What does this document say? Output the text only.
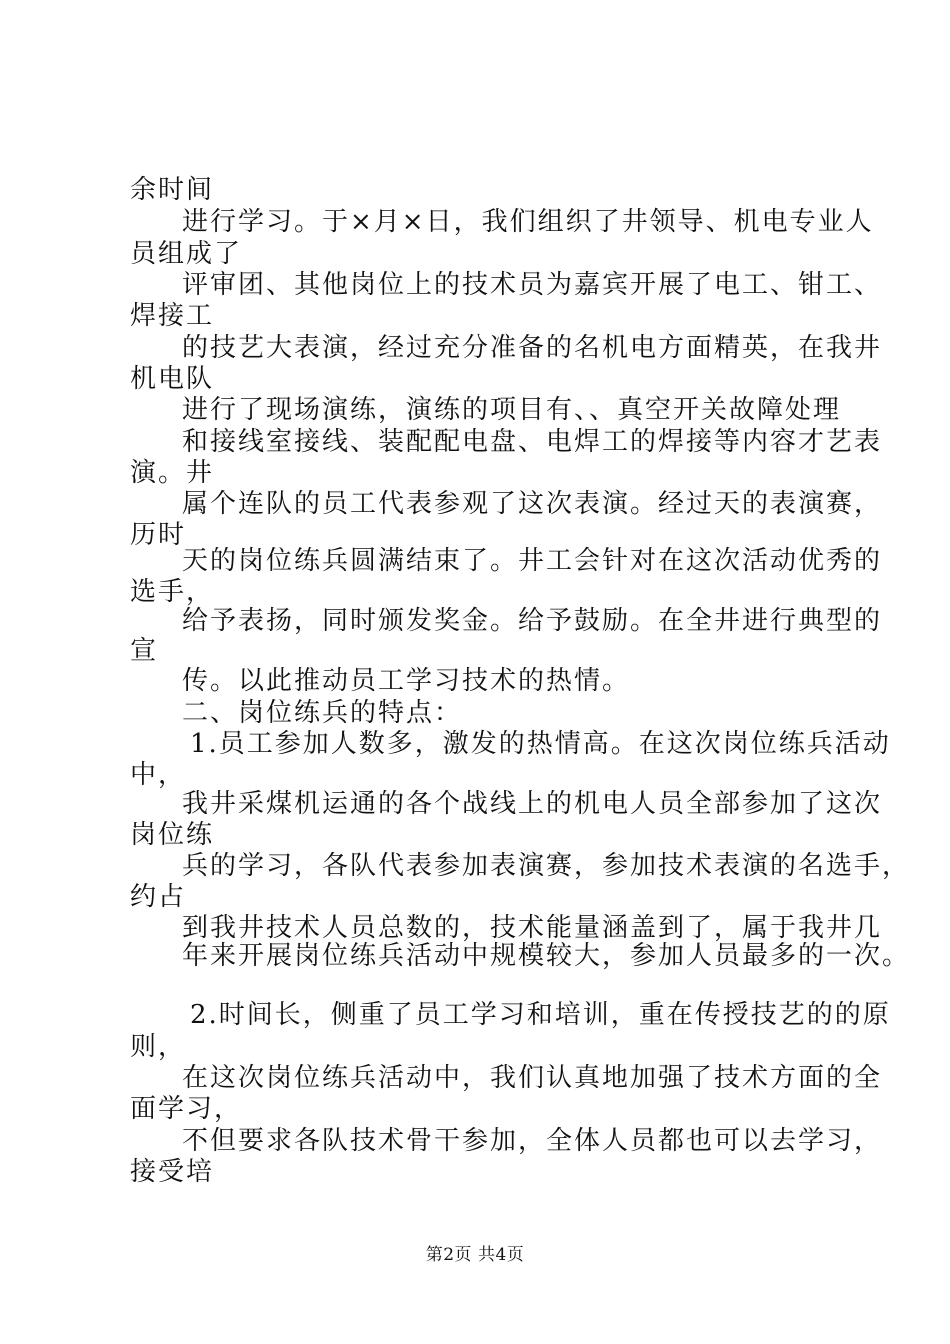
余时间
进行学习。于×月×日，我们组织了井领导、机电专业人
员组成了
评审团、其他岗位上的技术员为嘉宾开展了电工、钳工、
焊接工
的技艺大表演，经过充分准备的名机电方面精英，在我井
机电队
进行了现场演练，演练的项目有、、真空开关故障处理
和接线室接线、装配配电盘、电焊工的焊接等内容才艺表
演。井
属个连队的员工代表参观了这次表演。经过天的表演赛，
历时
天的岗位练兵圆满结束了。井工会针对在这次活动优秀的
选手，
给予表扬，同时颁发奖金。给予鼓励。在全井进行典型的
宣
传。以此推动员工学习技术的热情。
二、岗位练兵的特点：
1.员工参加人数多，激发的热情高。在这次岗位练兵活动
中，
我井采煤机运通的各个战线上的机电人员全部参加了这次
岗位练
兵的学习，各队代表参加表演赛，参加技术表演的名选手，
约占
到我井技术人员总数的，技术能量涵盖到了，属于我井几
年来开展岗位练兵活动中规模较大，参加人员最多的一次。
2.时间长，侧重了员工学习和培训，重在传授技艺的的原
则，
在这次岗位练兵活动中，我们认真地加强了技术方面的全
面学习，
不但要求各队技术骨干参加，全体人员都也可以去学习，
接受培
第2页 共4页
